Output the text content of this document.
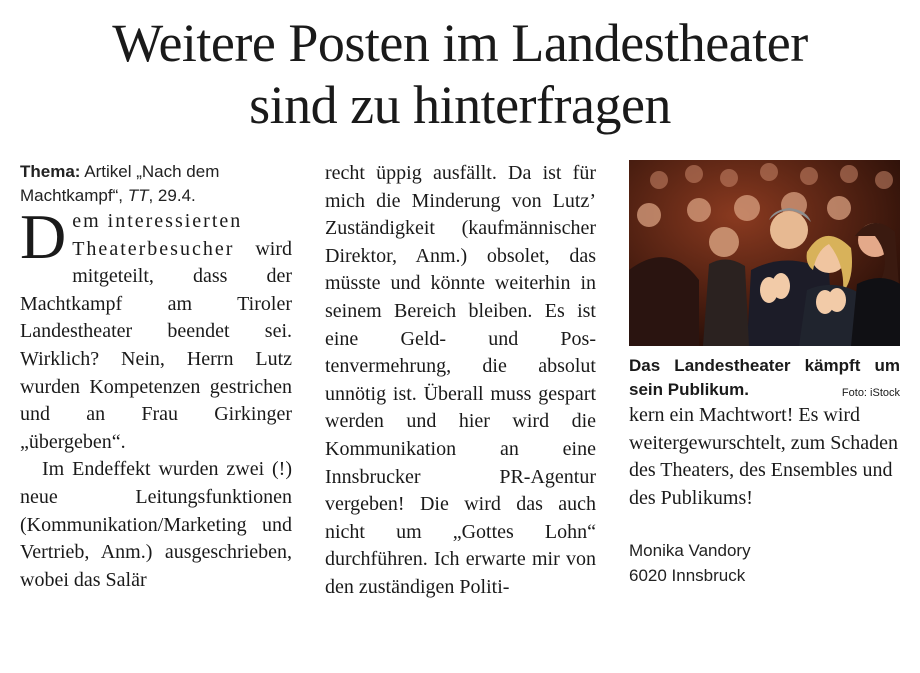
Weitere Posten im Landestheater
sind zu hinterfragen

Thema: Artikel „Nach dem Machtkampf“, TT, 29.4.

Dem interessierten
Theaterbesucher wird mitgeteilt, dass der Machtkampf am Tiroler Landestheater beendet sei. Wirklich? Nein, Herrn Lutz wurden Kompetenzen gestrichen und an Frau Girkinger „übergeben“.

Im Endeffekt wurden zwei (!) neue Leitungsfunktionen (Kommunikation/Marketing und Vertrieb, Anm.) ausgeschrieben, wobei das Salär

recht üppig ausfällt. Da ist für mich die Minderung von Lutz’ Zuständigkeit (kaufmännischer Direktor, Anm.) obsolet, das müsste und könnte weiterhin in seinem Bereich bleiben. Es ist eine Geld- und Postenvermehrung, die absolut unnötig ist. Überall muss gespart werden und hier wird die Kommunikation an eine Innsbrucker PR-Agentur vergeben! Die wird das auch nicht um „Gottes Lohn“ durchführen. Ich erwarte mir von den zuständigen Politi-

Das Landestheater kämpft um sein Publikum.	Foto: iStock

kern ein Machtwort! Es wird weitergewurschtelt, zum Schaden des Theaters, des Ensembles und des Publikums!

Monika Vandory
6020 Innsbruck
